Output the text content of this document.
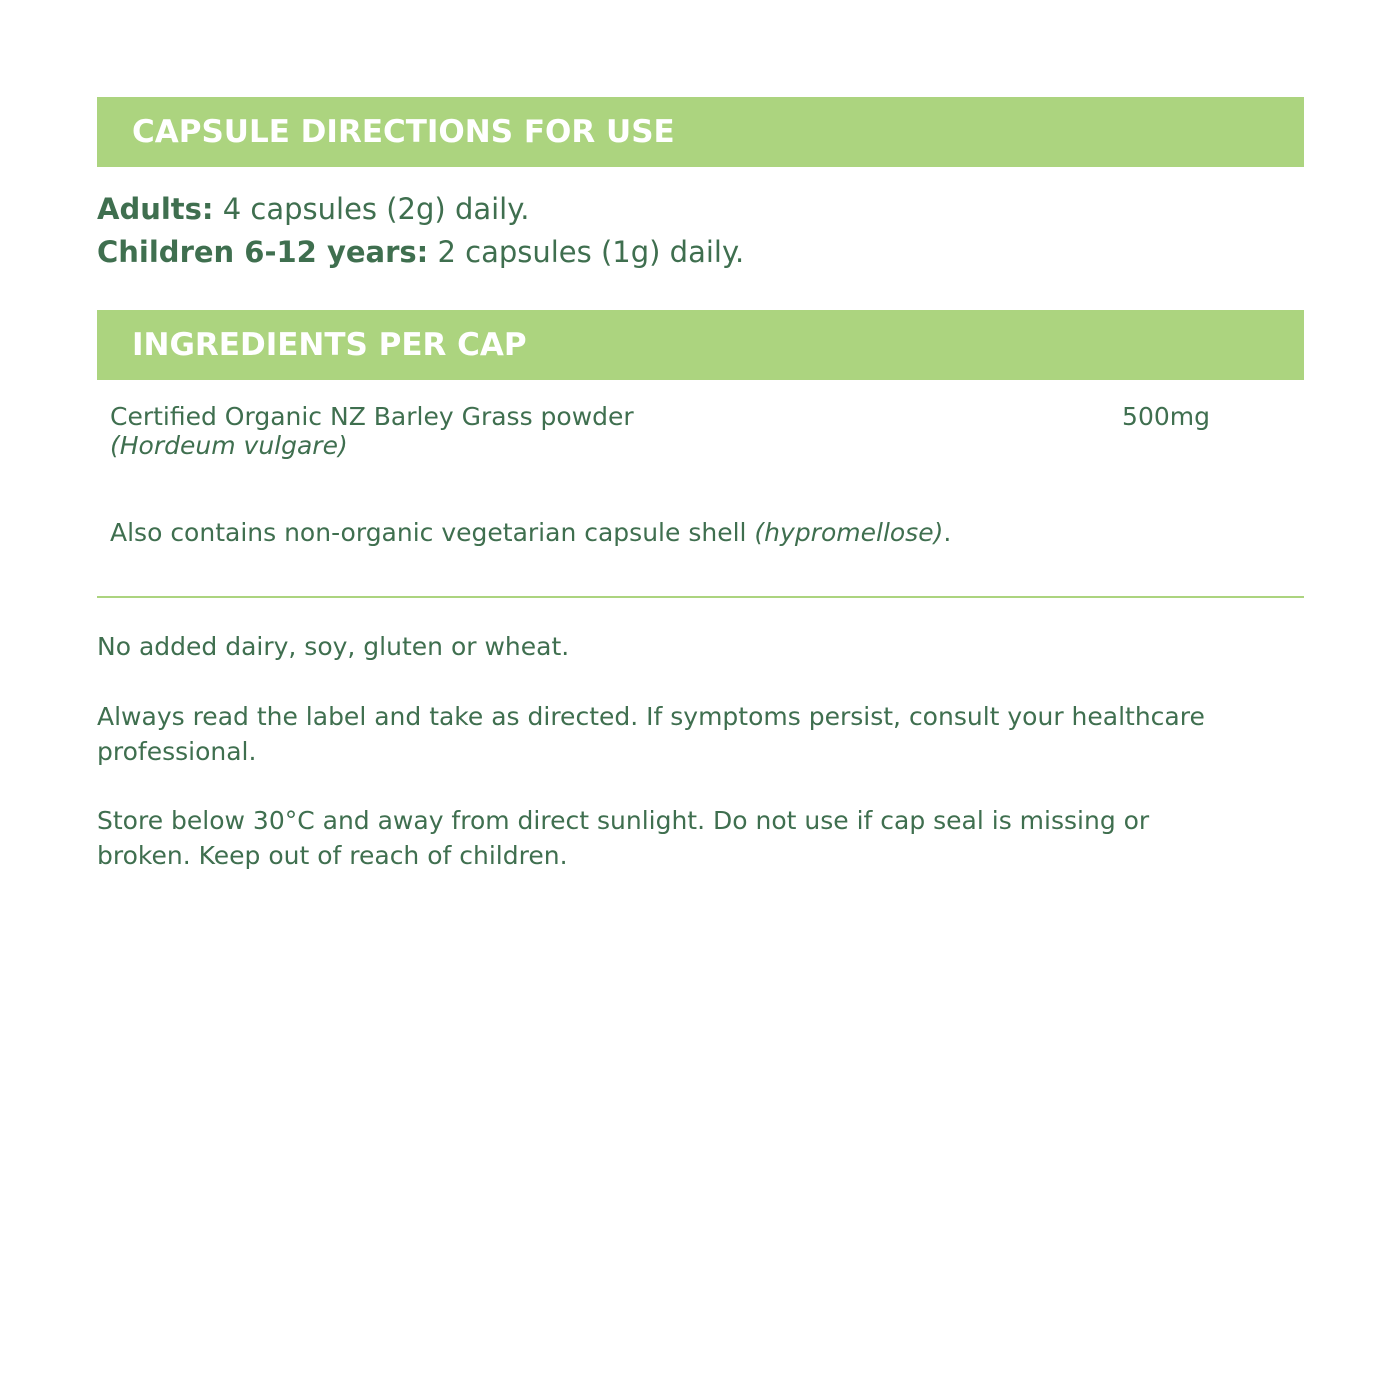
CAPSULE DIRECTIONS FOR USE
Adults: 4 capsules (2g) daily.
Children 6-12 years: 2 capsules (1g) daily.
INGREDIENTS PER CAP
Certified Organic NZ Barley Grass powder
(Hordeum vulgare)
500mg
Also contains non-organic vegetarian capsule shell (hypromellose).
No added dairy, soy, gluten or wheat.
Always read the label and take as directed. If symptoms persist, consult your healthcare professional.
Store below 30°C and away from direct sunlight. Do not use if cap seal is missing or broken. Keep out of reach of children.
